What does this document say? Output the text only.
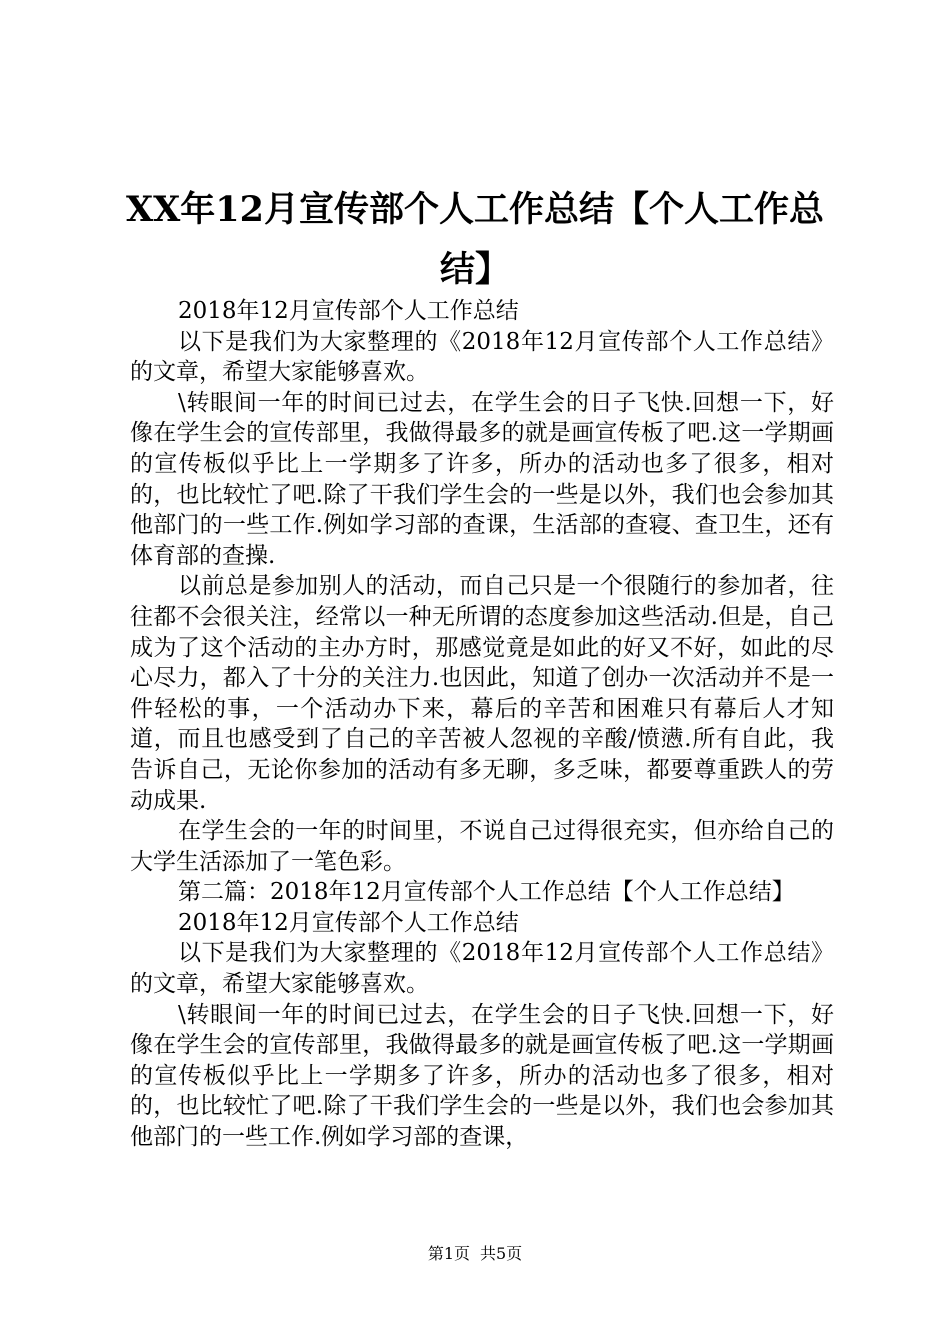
XX年12月宣传部个人工作总结【个人工作总结】

2018年12月宣传部个人工作总结

以下是我们为大家整理的《2018年12月宣传部个人工作总结》的文章，希望大家能够喜欢。

\转眼间一年的时间已过去，在学生会的日子飞快.回想一下，好像在学生会的宣传部里，我做得最多的就是画宣传板了吧.这一学期画的宣传板似乎比上一学期多了许多，所办的活动也多了很多，相对的，也比较忙了吧.除了干我们学生会的一些是以外，我们也会参加其他部门的一些工作.例如学习部的查课，生活部的查寝、查卫生，还有体育部的查操.

以前总是参加别人的活动，而自己只是一个很随行的参加者，往往都不会很关注，经常以一种无所谓的态度参加这些活动.但是，自己成为了这个活动的主办方时，那感觉竟是如此的好又不好，如此的尽心尽力，都入了十分的关注力.也因此，知道了创办一次活动并不是一件轻松的事，一个活动办下来，幕后的辛苦和困难只有幕后人才知道，而且也感受到了自己的辛苦被人忽视的辛酸/愤懑.所有自此，我告诉自己，无论你参加的活动有多无聊，多乏味，都要尊重跌人的劳动成果.

在学生会的一年的时间里，不说自己过得很充实，但亦给自己的大学生活添加了一笔色彩。

第二篇：2018年12月宣传部个人工作总结【个人工作总结】

2018年12月宣传部个人工作总结

以下是我们为大家整理的《2018年12月宣传部个人工作总结》的文章，希望大家能够喜欢。

\转眼间一年的时间已过去，在学生会的日子飞快.回想一下，好像在学生会的宣传部里，我做得最多的就是画宣传板了吧.这一学期画的宣传板似乎比上一学期多了许多，所办的活动也多了很多，相对的，也比较忙了吧.除了干我们学生会的一些是以外，我们也会参加其他部门的一些工作.例如学习部的查课，

第1页 共5页
